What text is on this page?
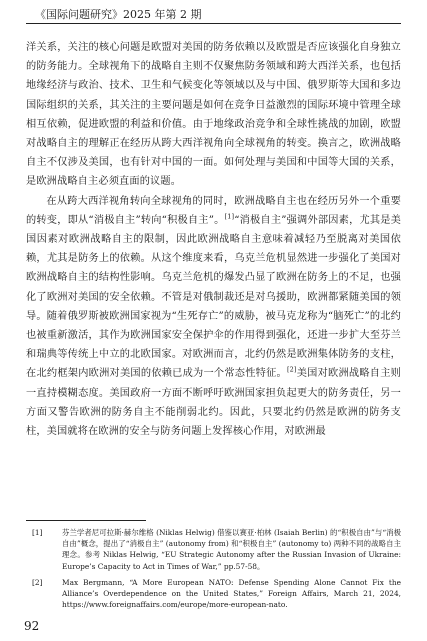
《国际问题研究》2025 年第 2 期

洋关系，关注的核心问题是欧盟对美国的防务依赖以及欧盟是否应该强化自身独立的防务能力。全球视角下的战略自主则不仅聚焦防务领域和跨大西洋关系，也包括地缘经济与政治、技术、卫生和气候变化等领域以及与中国、俄罗斯等大国和多边国际组织的关系，其关注的主要问题是如何在竞争日益激烈的国际环境中管理全球相互依赖，促进欧盟的利益和价值。由于地缘政治竞争和全球性挑战的加剧，欧盟对战略自主的理解正在经历从跨大西洋视角向全球视角的转变。换言之，欧洲战略自主不仅涉及美国，也有针对中国的一面。如何处理与美国和中国等大国的关系，是欧洲战略自主必须直面的议题。

在从跨大西洋视角转向全球视角的同时，欧洲战略自主也在经历另外一个重要的转变，即从“消极自主”转向“积极自主”。[1]“消极自主”强调外部因素，尤其是美国因素对欧洲战略自主的限制，因此欧洲战略自主意味着减轻乃至脱离对美国依赖，尤其是防务上的依赖。从这个维度来看，乌克兰危机显然进一步强化了美国对欧洲战略自主的结构性影响。乌克兰危机的爆发凸显了欧洲在防务上的不足，也强化了欧洲对美国的安全依赖。不管是对俄制裁还是对乌援助，欧洲都紧随美国的领导。随着俄罗斯被欧洲国家视为“生死存亡”的威胁，被马克龙称为“脑死亡”的北约也被重新激活，其作为欧洲国家安全保护伞的作用得到强化，还进一步扩大至芬兰和瑞典等传统上中立的北欧国家。对欧洲而言，北约仍然是欧洲集体防务的支柱，在北约框架内欧洲对美国的依赖已成为一个常态性特征。[2]美国对欧洲战略自主则一直持模糊态度。美国政府一方面不断呼吁欧洲国家担负起更大的防务责任，另一方面又警告欧洲的防务自主不能削弱北约。因此，只要北约仍然是欧洲的防务支柱，美国就将在欧洲的安全与防务问题上发挥核心作用，对欧洲最

[1]	芬兰学者尼可拉斯·赫尔维格 (Niklas Helwig) 借鉴以赛亚·柏林 (Isaiah Berlin) 的“积极自由”与“消极自由”概念，提出了“消极自主” (autonomy from) 和“积极自主” (autonomy to) 两种不同的战略自主理念。参考 Niklas Helwig, “EU Strategic Autonomy after the Russian Invasion of Ukraine: Europe’s Capacity to Act in Times of War,” pp.57-58。
[2]	Max Bergmann, “A More European NATO: Defense Spending Alone Cannot Fix the Alliance’s Overdependence on the United States,” Foreign Affairs, March 21, 2024, https://www.foreignaffairs.com/europe/more-european-nato.
92
